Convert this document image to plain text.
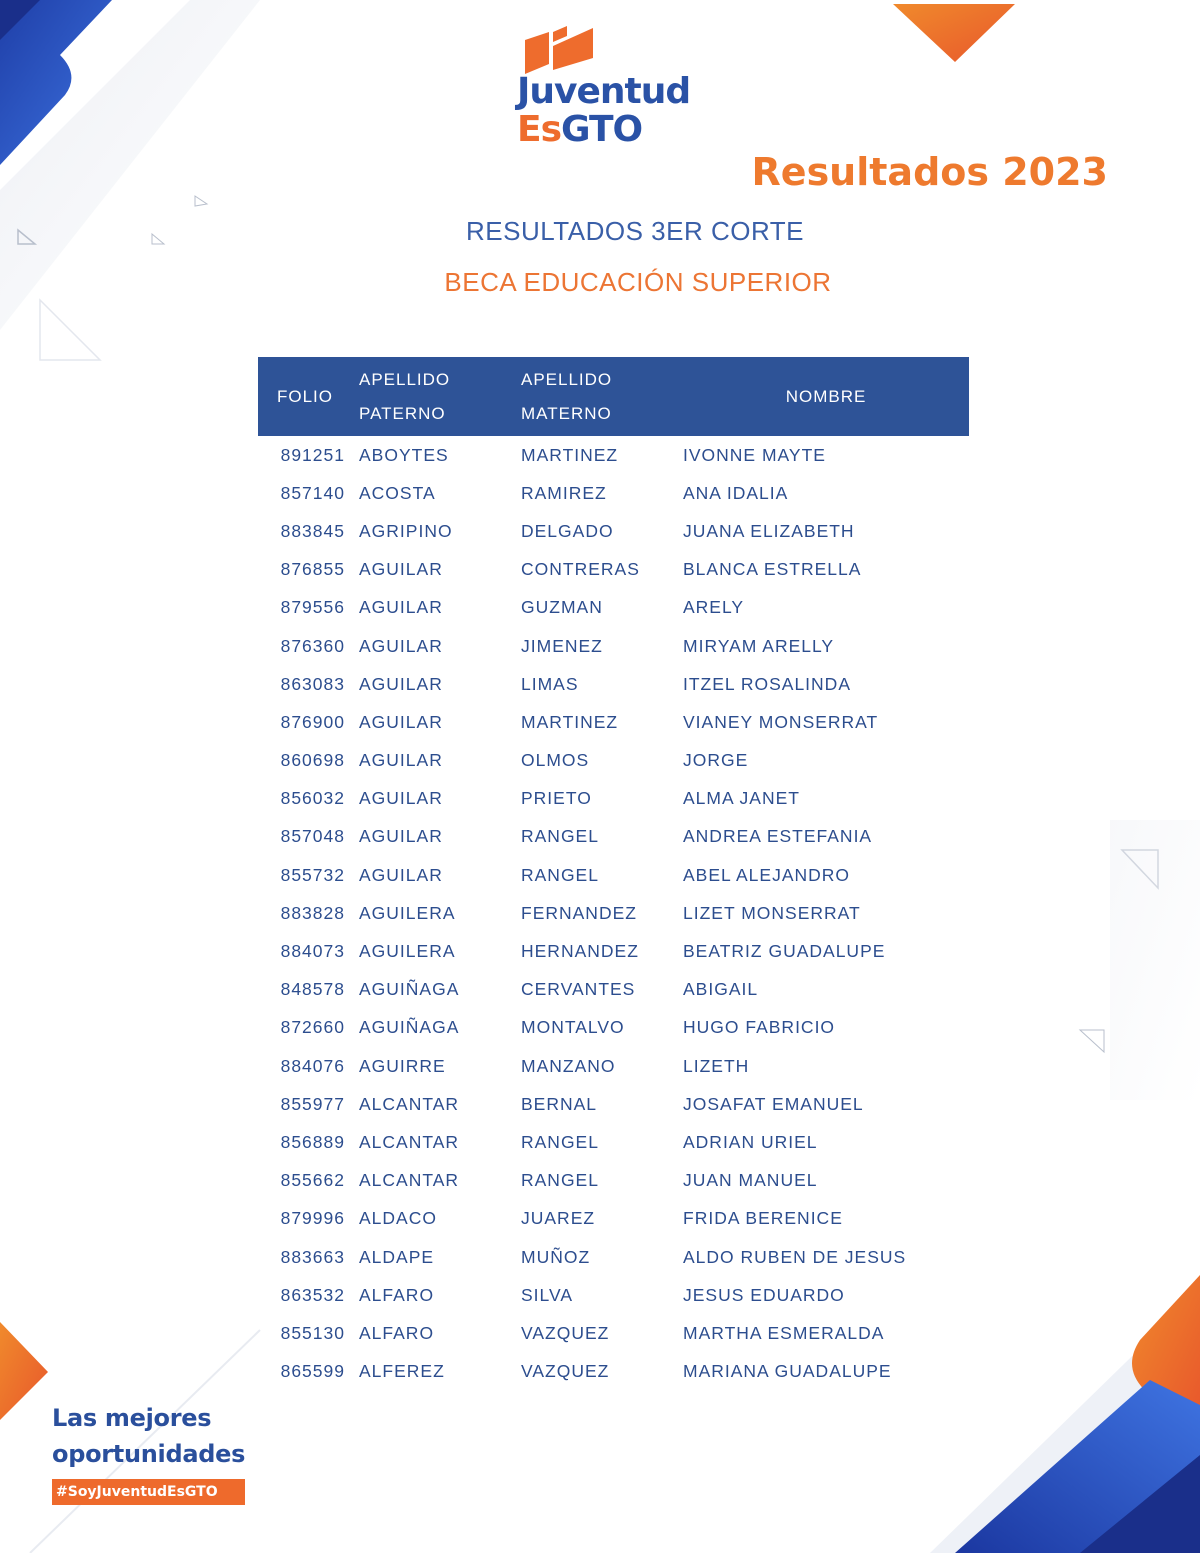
Juventud
EsGTO
Resultados 2023
RESULTADOS 3ER CORTE
BECA EDUCACIÓN SUPERIOR
FOLIO	APELLIDO PATERNO	APELLIDO MATERNO	NOMBRE
891251	ABOYTES	MARTINEZ	IVONNE MAYTE
857140	ACOSTA	RAMIREZ	ANA IDALIA
883845	AGRIPINO	DELGADO	JUANA ELIZABETH
876855	AGUILAR	CONTRERAS	BLANCA ESTRELLA
879556	AGUILAR	GUZMAN	ARELY
876360	AGUILAR	JIMENEZ	MIRYAM ARELLY
863083	AGUILAR	LIMAS	ITZEL ROSALINDA
876900	AGUILAR	MARTINEZ	VIANEY MONSERRAT
860698	AGUILAR	OLMOS	JORGE
856032	AGUILAR	PRIETO	ALMA JANET
857048	AGUILAR	RANGEL	ANDREA ESTEFANIA
855732	AGUILAR	RANGEL	ABEL ALEJANDRO
883828	AGUILERA	FERNANDEZ	LIZET MONSERRAT
884073	AGUILERA	HERNANDEZ	BEATRIZ GUADALUPE
848578	AGUIÑAGA	CERVANTES	ABIGAIL
872660	AGUIÑAGA	MONTALVO	HUGO FABRICIO
884076	AGUIRRE	MANZANO	LIZETH
855977	ALCANTAR	BERNAL	JOSAFAT EMANUEL
856889	ALCANTAR	RANGEL	ADRIAN URIEL
855662	ALCANTAR	RANGEL	JUAN MANUEL
879996	ALDACO	JUAREZ	FRIDA BERENICE
883663	ALDAPE	MUÑOZ	ALDO RUBEN DE JESUS
863532	ALFARO	SILVA	JESUS EDUARDO
855130	ALFARO	VAZQUEZ	MARTHA ESMERALDA
865599	ALFEREZ	VAZQUEZ	MARIANA GUADALUPE
Las mejores
oportunidades
#SoyJuventudEsGTO
